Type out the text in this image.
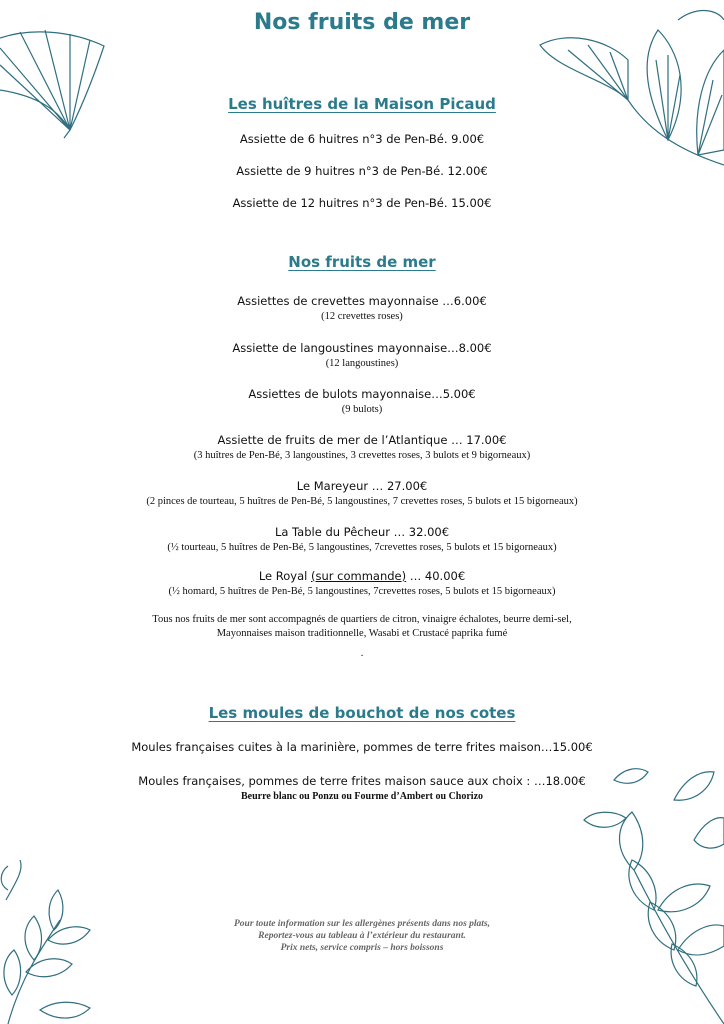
Nos fruits de mer
Les huîtres de la Maison Picaud
Assiette de 6 huitres n°3 de Pen-Bé. 9.00€
Assiette de 9 huitres n°3 de Pen-Bé. 12.00€
Assiette de 12 huitres n°3 de Pen-Bé. 15.00€
Nos fruits de mer
Assiettes de crevettes mayonnaise …6.00€
(12 crevettes roses)
Assiette de langoustines mayonnaise…8.00€
(12 langoustines)
Assiettes de bulots mayonnaise…5.00€
(9 bulots)
Assiette de fruits de mer de l’Atlantique … 17.00€
(3 huîtres de Pen-Bé, 3 langoustines, 3 crevettes roses, 3 bulots et 9 bigorneaux)
Le Mareyeur … 27.00€
(2 pinces de tourteau, 5 huîtres de Pen-Bé, 5 langoustines, 7 crevettes roses, 5 bulots et 15 bigorneaux)
La Table du Pêcheur … 32.00€
(½ tourteau, 5 huîtres de Pen-Bé, 5 langoustines, 7crevettes roses, 5 bulots et 15 bigorneaux)
Le Royal (sur commande) … 40.00€
(½ homard, 5 huîtres de Pen-Bé, 5 langoustines, 7crevettes roses, 5 bulots et 15 bigorneaux)
Tous nos fruits de mer sont accompagnés de quartiers de citron, vinaigre échalotes, beurre demi-sel,
Mayonnaises maison traditionnelle, Wasabi et Crustacé paprika fumé
.
Les moules de bouchot de nos cotes
Moules françaises cuites à la marinière, pommes de terre frites maison…15.00€
Moules françaises, pommes de terre frites maison sauce aux choix : …18.00€
Beurre blanc ou Ponzu ou Fourme d’Ambert ou Chorizo
Pour toute information sur les allergènes présents dans nos plats,
Reportez-vous au tableau à l’extérieur du restaurant.
Prix nets, service compris – hors boissons
